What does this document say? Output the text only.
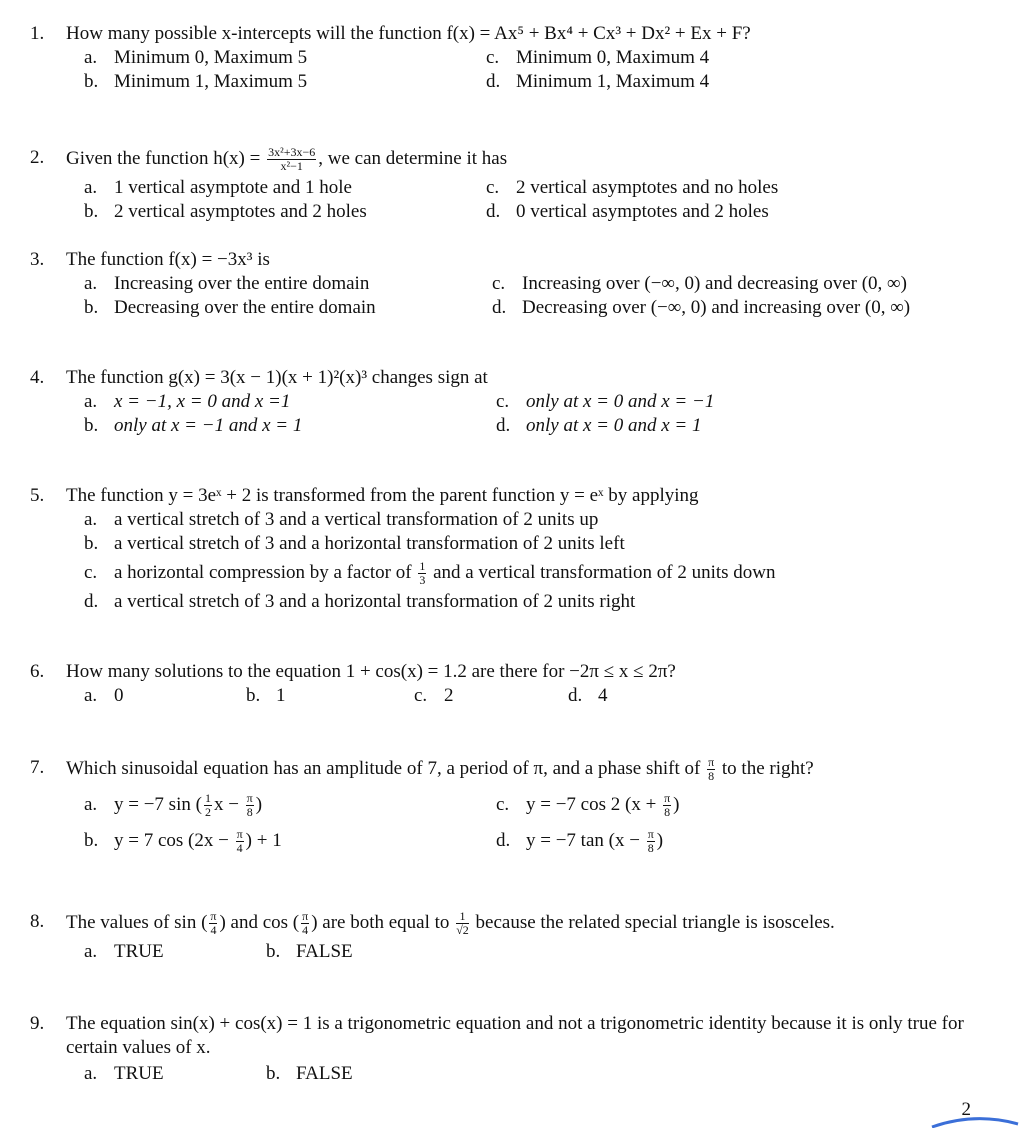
1. How many possible x-intercepts will the function f(x) = Ax⁵ + Bx⁴ + Cx³ + Dx² + Ex + F?
a. Minimum 0, Maximum 5
b. Minimum 1, Maximum 5
c. Minimum 0, Maximum 4
d. Minimum 1, Maximum 4
2. Given the function $h(x) = \frac{\text{3x²+3x−6}}{\text{x²−1}}$ , we can determine it has
a. 1 vertical asymptote and 1 hole
b. 2 vertical asymptotes and 2 holes
c. 2 vertical asymptotes and no holes
d. 0 vertical asymptotes and 2 holes
3. The function f(x) = −3x³ is
a. Increasing over the entire domain
b. Decreasing over the entire domain
c. Increasing over (−∞, 0) and decreasing over (0, ∞)
d. Decreasing over (−∞, 0) and increasing over (0, ∞)
4. The function g(x) = 3(x − 1)(x + 1)²(x)³ changes sign at
a. x = −1, x = 0 and x =1
b. only at x = −1 and x = 1
c. only at x = 0 and x = −1
d. only at x = 0 and x = 1
5. The function y = 3eˣ + 2 is transformed from the parent function y = eˣ by applying
a. a vertical stretch of 3 and a vertical transformation of 2 units up
b. a vertical stretch of 3 and a horizontal transformation of 2 units left
c. a horizontal compression by a factor of $\frac{1}{3}$ and a vertical transformation of 2 units down
d. a vertical stretch of 3 and a horizontal transformation of 2 units right
6. How many solutions to the equation 1 + cos(x) = 1.2 are there for −2π ≤ x ≤ 2π?
a. 0	b. 1	c. 2	d. 4
7. Which sinusoidal equation has an amplitude of 7, a period of π, and a phase shift of $\frac{\pi}{8}$ to the right?
a. y = −7 sin ( $\frac{1}{2}$ $x - \frac{\pi}{8}$ )
b. y = 7 $\cos (2x - \frac{\pi}{4}$ ) + 1
c. y = −7 cos 2 ($x + \frac{\pi}{8}$ )
d. y = −7 $\tan (x - \frac{\pi}{8}$ )
8. The values of sin ( $\frac{\pi}{4}$ ) and cos ( $\frac{\pi}{4}$ ) are both equal to $\frac{1}{√2}$ because the related special triangle is isosceles.
a. TRUE	b. FALSE
9. The equation sin(x) + cos(x) = 1 is a trigonometric equation and not a trigonometric identity because it is only true for certain values of x.
a. TRUE	b. FALSE
2
